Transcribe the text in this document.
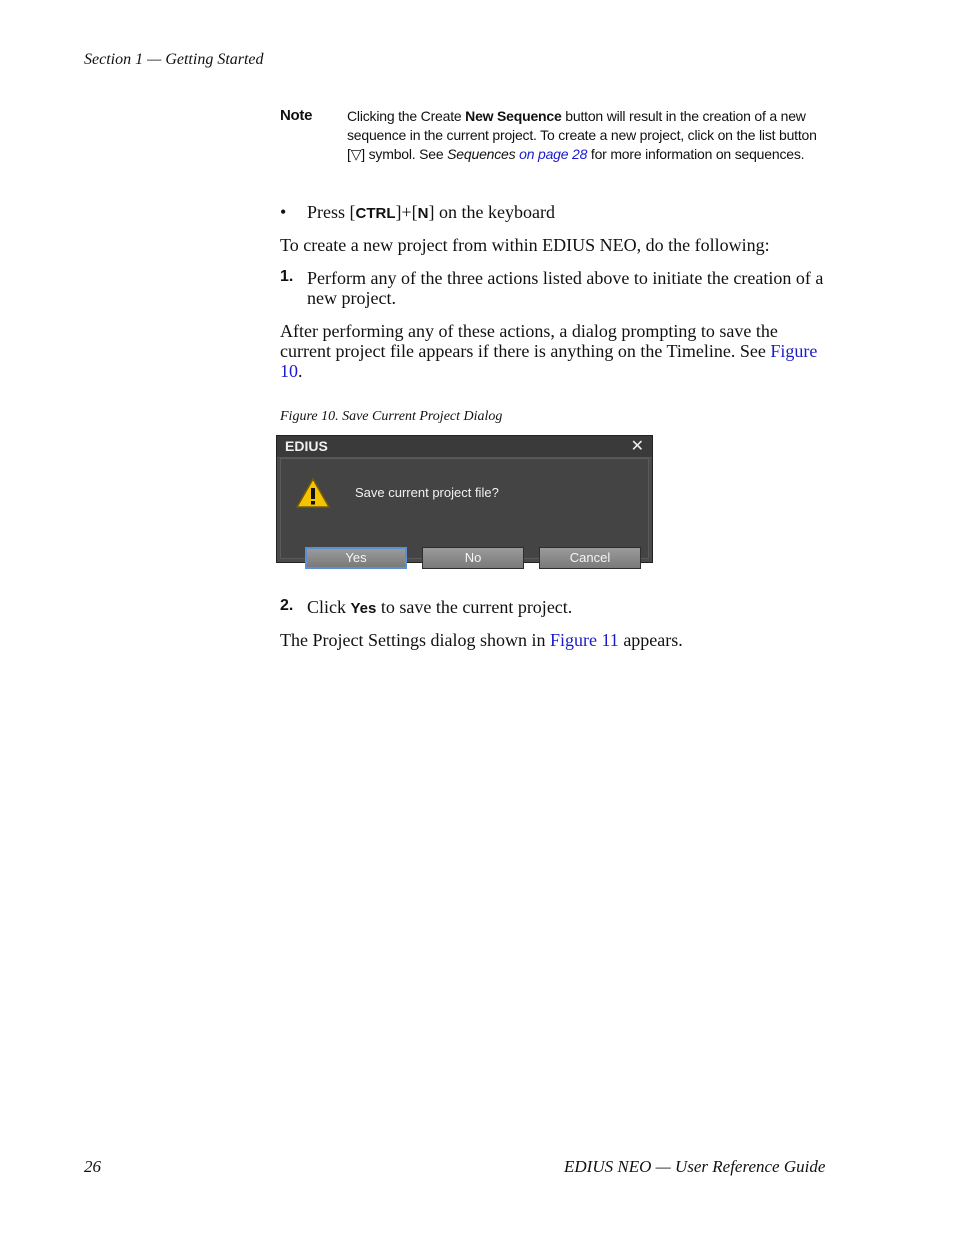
Section 1 — Getting Started
Note Clicking the Create New Sequence button will result in the creation of a new sequence in the current project. To create a new project, click on the list button [▽] symbol. See Sequences on page 28 for more information on sequences.
• Press [CTRL]+[N] on the keyboard
To create a new project from within EDIUS NEO, do the following:
1. Perform any of the three actions listed above to initiate the creation of a new project.
After performing any of these actions, a dialog prompting to save the current project file appears if there is anything on the Timeline. See Figure 10.
Figure 10. Save Current Project Dialog
EDIUS	✕
Save current project file?
Yes	No	Cancel
2. Click Yes to save the current project.
The Project Settings dialog shown in Figure 11 appears.
26	EDIUS NEO — User Reference Guide
